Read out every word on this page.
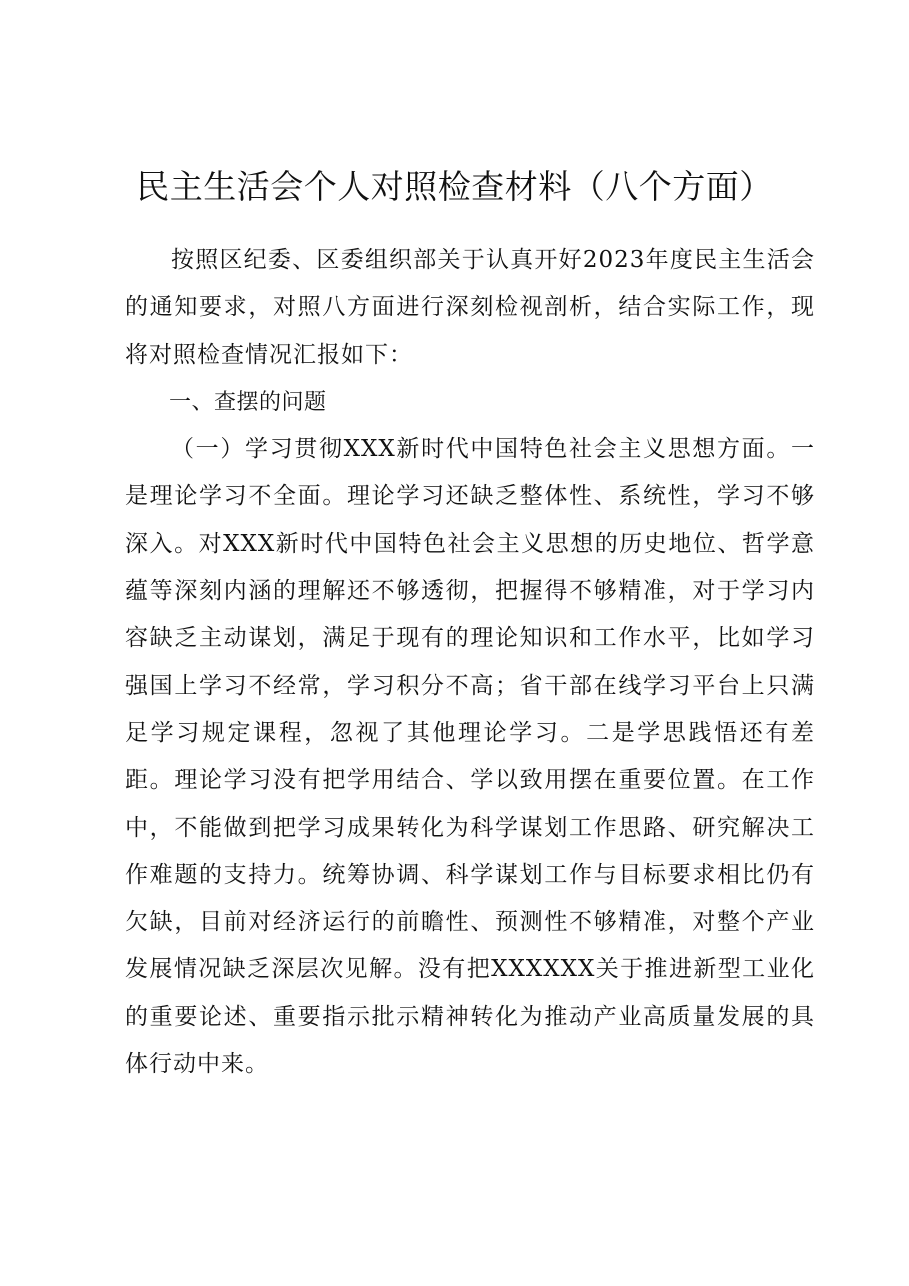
民主生活会个人对照检查材料（八个方面）

按照区纪委、区委组织部关于认真开好2023年度民主生活会的通知要求，对照八方面进行深刻检视剖析，结合实际工作，现将对照检查情况汇报如下：

一、查摆的问题

（一）学习贯彻XXX新时代中国特色社会主义思想方面。一是理论学习不全面。理论学习还缺乏整体性、系统性，学习不够深入。对XXX新时代中国特色社会主义思想的历史地位、哲学意蕴等深刻内涵的理解还不够透彻，把握得不够精准，对于学习内容缺乏主动谋划，满足于现有的理论知识和工作水平，比如学习强国上学习不经常，学习积分不高；省干部在线学习平台上只满足学习规定课程，忽视了其他理论学习。二是学思践悟还有差距。理论学习没有把学用结合、学以致用摆在重要位置。在工作中，不能做到把学习成果转化为科学谋划工作思路、研究解决工作难题的支持力。统筹协调、科学谋划工作与目标要求相比仍有欠缺，目前对经济运行的前瞻性、预测性不够精准，对整个产业发展情况缺乏深层次见解。没有把XXXXXX关于推进新型工业化的重要论述、重要指示批示精神转化为推动产业高质量发展的具体行动中来。
